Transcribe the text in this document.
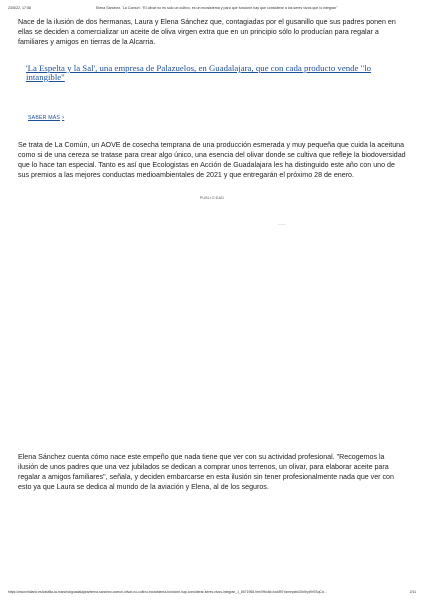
23/5/22, 17:58	Elena Sánchez, 'La Común': "El olivar no es solo un cultivo, es un ecosistema y para que funcione hay que considerar a los seres vivos que lo integran"

Nace de la ilusión de dos hermanas, Laura y Elena Sánchez que, contagiadas por el gusanillo que sus padres ponen en ellas se deciden a comercializar un aceite de oliva virgen extra que en un principio sólo lo producían para regalar a familiares y amigos en tierras de la Alcarria.

'La Espelta y la Sal', una empresa de Palazuelos, en Guadalajara, que con cada producto vende "lo intangible"
SABER MÁS ›

Se trata de La Común, un AOVE de cosecha temprana de una producción esmerada y muy pequeña que cuida la aceituna como si de una cereza se tratase para crear algo único, una esencia del olivar donde se cultiva que refleje la biodoversidad que lo hace tan especial. Tanto es así que Ecologistas en Acción de Guadalajara les ha distinguido este año con uno de sus premios a las mejores conductas medioambientales de 2021 y que entregarán el próximo 28 de enero.

PUBLICIDAD

Elena Sánchez cuenta cómo nace este empeño que nada tiene que ver con su actividad profesional. "Recogemos la ilusión de unos padres que una vez jubilados se dedican a comprar unos terrenos, un olivar, para elaborar aceite para regalar a amigos familiares", señala, y deciden embarcarse en esta ilusión sin tener profesionalmente nada que ver con esto ya que Laura se dedica al mundo de la aviación y Elena, al de los seguros.

https://www.eldiario.es/castilla-la-mancha/guadalajara/elena-sanchez-comun-olivar-no-cultivo-ecosistema-funcione-hay-considerar-seres-vivos-integran_1_8671968.html?fbclid=IwAR0Yamepzbk3XrIbyWrSSqCd...	2/11
